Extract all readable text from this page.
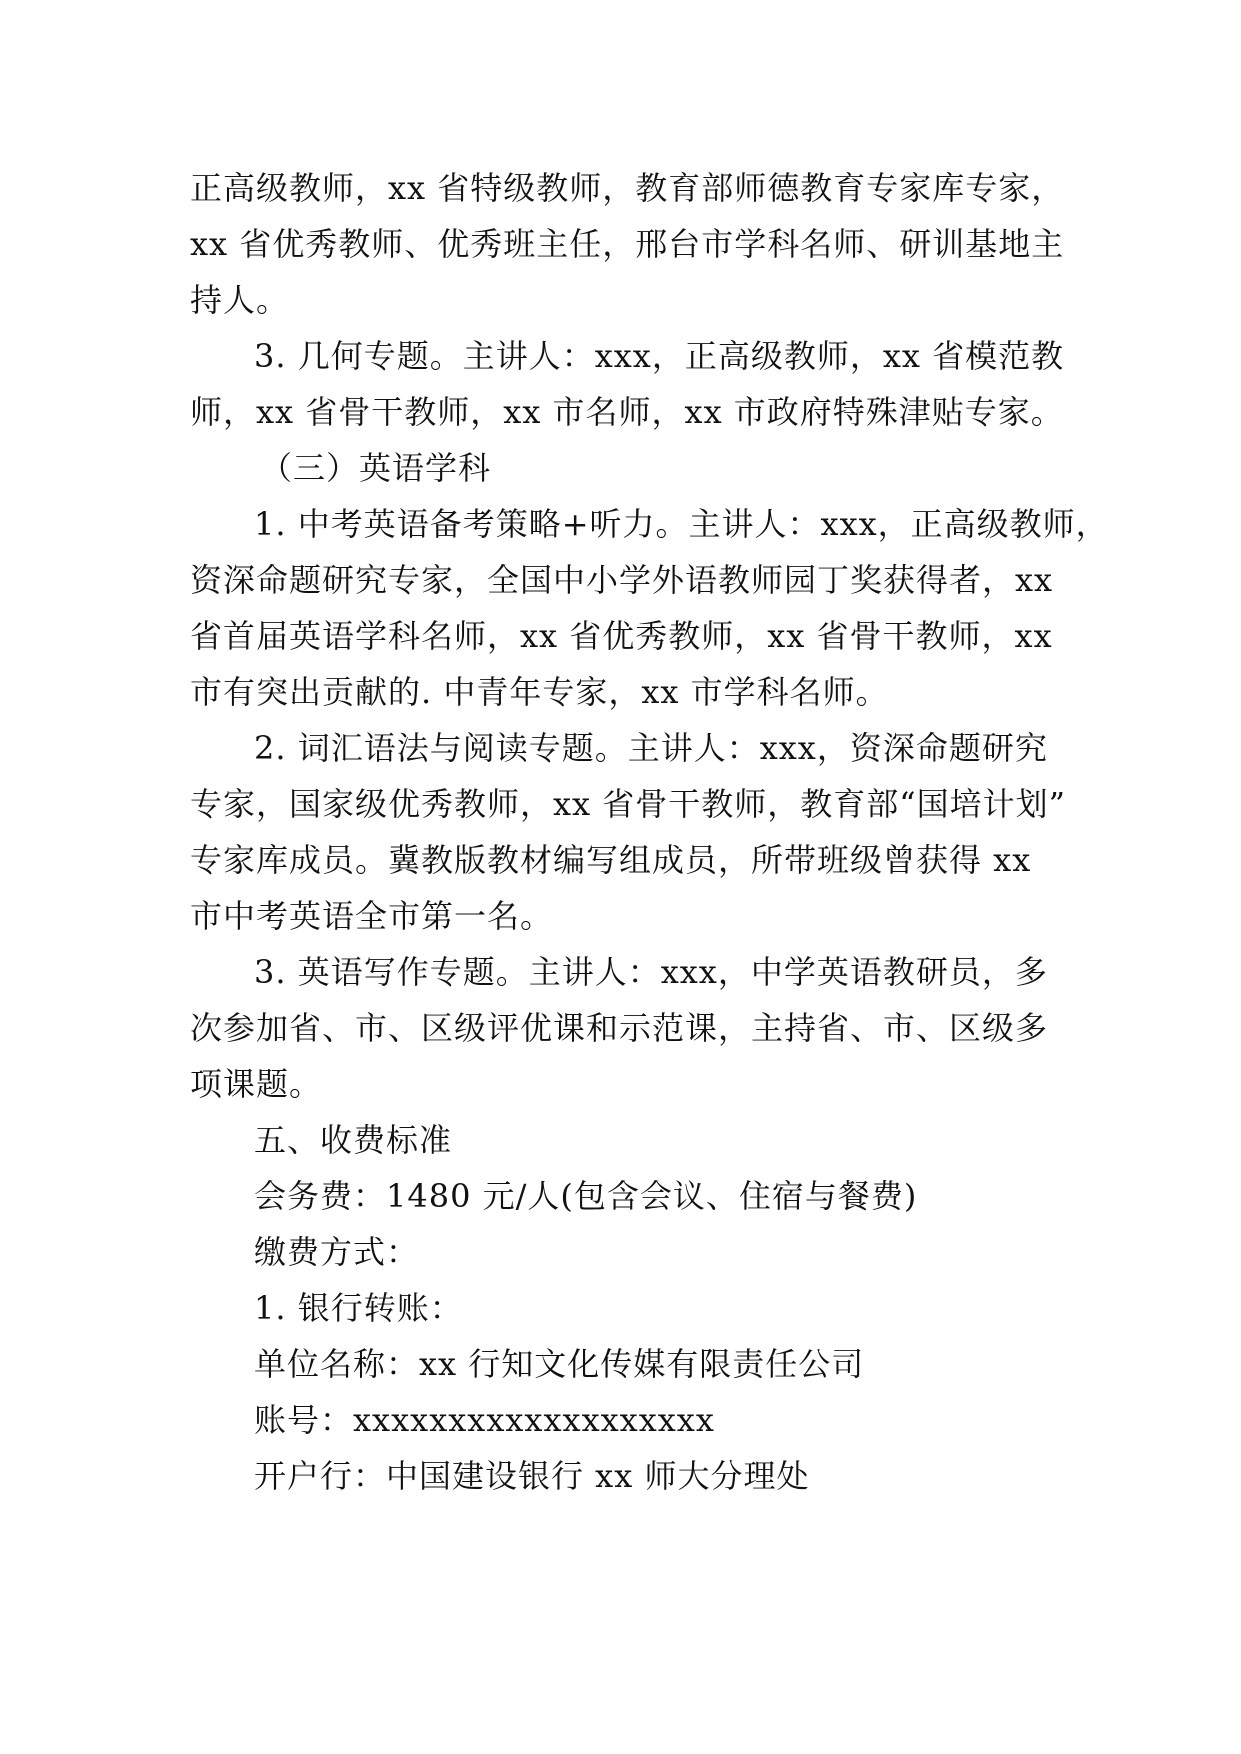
正高级教师，xx 省特级教师，教育部师德教育专家库专家，
xx 省优秀教师、优秀班主任，邢台市学科名师、研训基地主
持人。
3. 几何专题。主讲人：xxx，正高级教师，xx 省模范教
师，xx 省骨干教师，xx 市名师，xx 市政府特殊津贴专家。
（三）英语学科
1. 中考英语备考策略+听力。主讲人：xxx，正高级教师，
资深命题研究专家，全国中小学外语教师园丁奖获得者，xx
省首届英语学科名师，xx 省优秀教师，xx 省骨干教师，xx
市有突出贡献的. 中青年专家，xx 市学科名师。
2. 词汇语法与阅读专题。主讲人：xxx，资深命题研究
专家，国家级优秀教师，xx 省骨干教师，教育部“国培计划”
专家库成员。冀教版教材编写组成员，所带班级曾获得 xx
市中考英语全市第一名。
3. 英语写作专题。主讲人：xxx，中学英语教研员，多
次参加省、市、区级评优课和示范课，主持省、市、区级多
项课题。
五、收费标准
会务费：1480 元/人(包含会议、住宿与餐费)
缴费方式：
1. 银行转账：
单位名称：xx 行知文化传媒有限责任公司
账号：xxxxxxxxxxxxxxxxxxx
开户行：中国建设银行 xx 师大分理处
